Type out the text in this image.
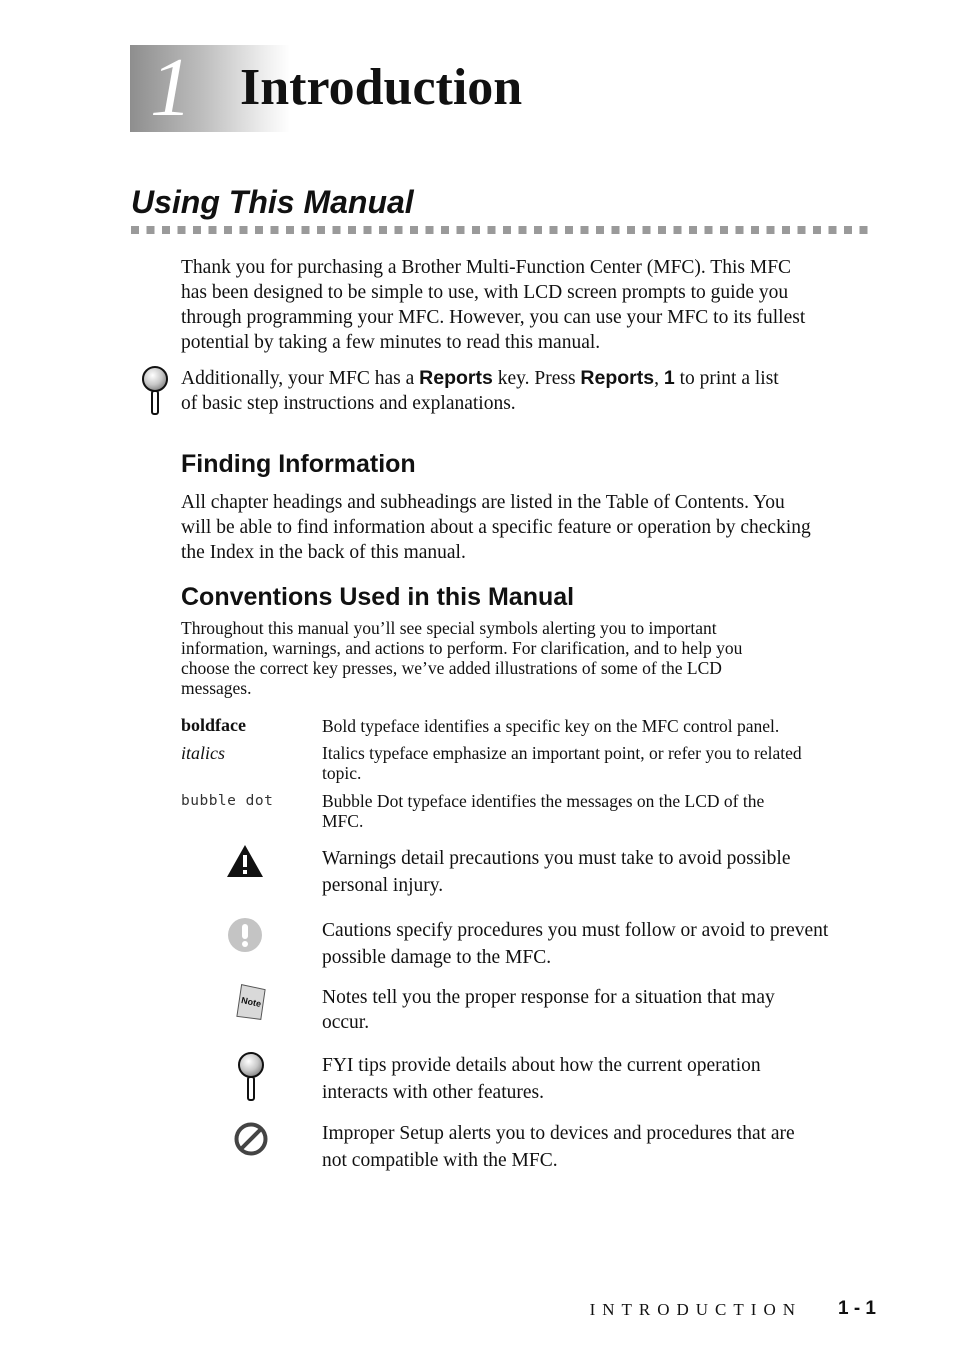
1 Introduction
Using This Manual
Thank you for purchasing a Brother Multi-Function Center (MFC). This MFC
has been designed to be simple to use, with LCD screen prompts to guide you
through programming your MFC. However, you can use your MFC to its fullest
potential by taking a few minutes to read this manual.
Additionally, your MFC has a Reports key. Press Reports, 1 to print a list
of basic step instructions and explanations.
Finding Information
All chapter headings and subheadings are listed in the Table of Contents. You
will be able to find information about a specific feature or operation by checking
the Index in the back of this manual.
Conventions Used in this Manual
Throughout this manual you’ll see special symbols alerting you to important
information, warnings, and actions to perform. For clarification, and to help you
choose the correct key presses, we’ve added illustrations of some of the LCD
messages.
boldface	Bold typeface identifies a specific key on the MFC control panel.
italics	Italics typeface emphasize an important point, or refer you to related
topic.
bubble dot	Bubble Dot typeface identifies the messages on the LCD of the
MFC.
Warnings detail precautions you must take to avoid possible
personal injury.
Cautions specify procedures you must follow or avoid to prevent
possible damage to the MFC.
Note	Notes tell you the proper response for a situation that may
occur.
FYI tips provide details about how the current operation
interacts with other features.
Improper Setup alerts you to devices and procedures that are
not compatible with the MFC.
INTRODUCTION 1 - 1
